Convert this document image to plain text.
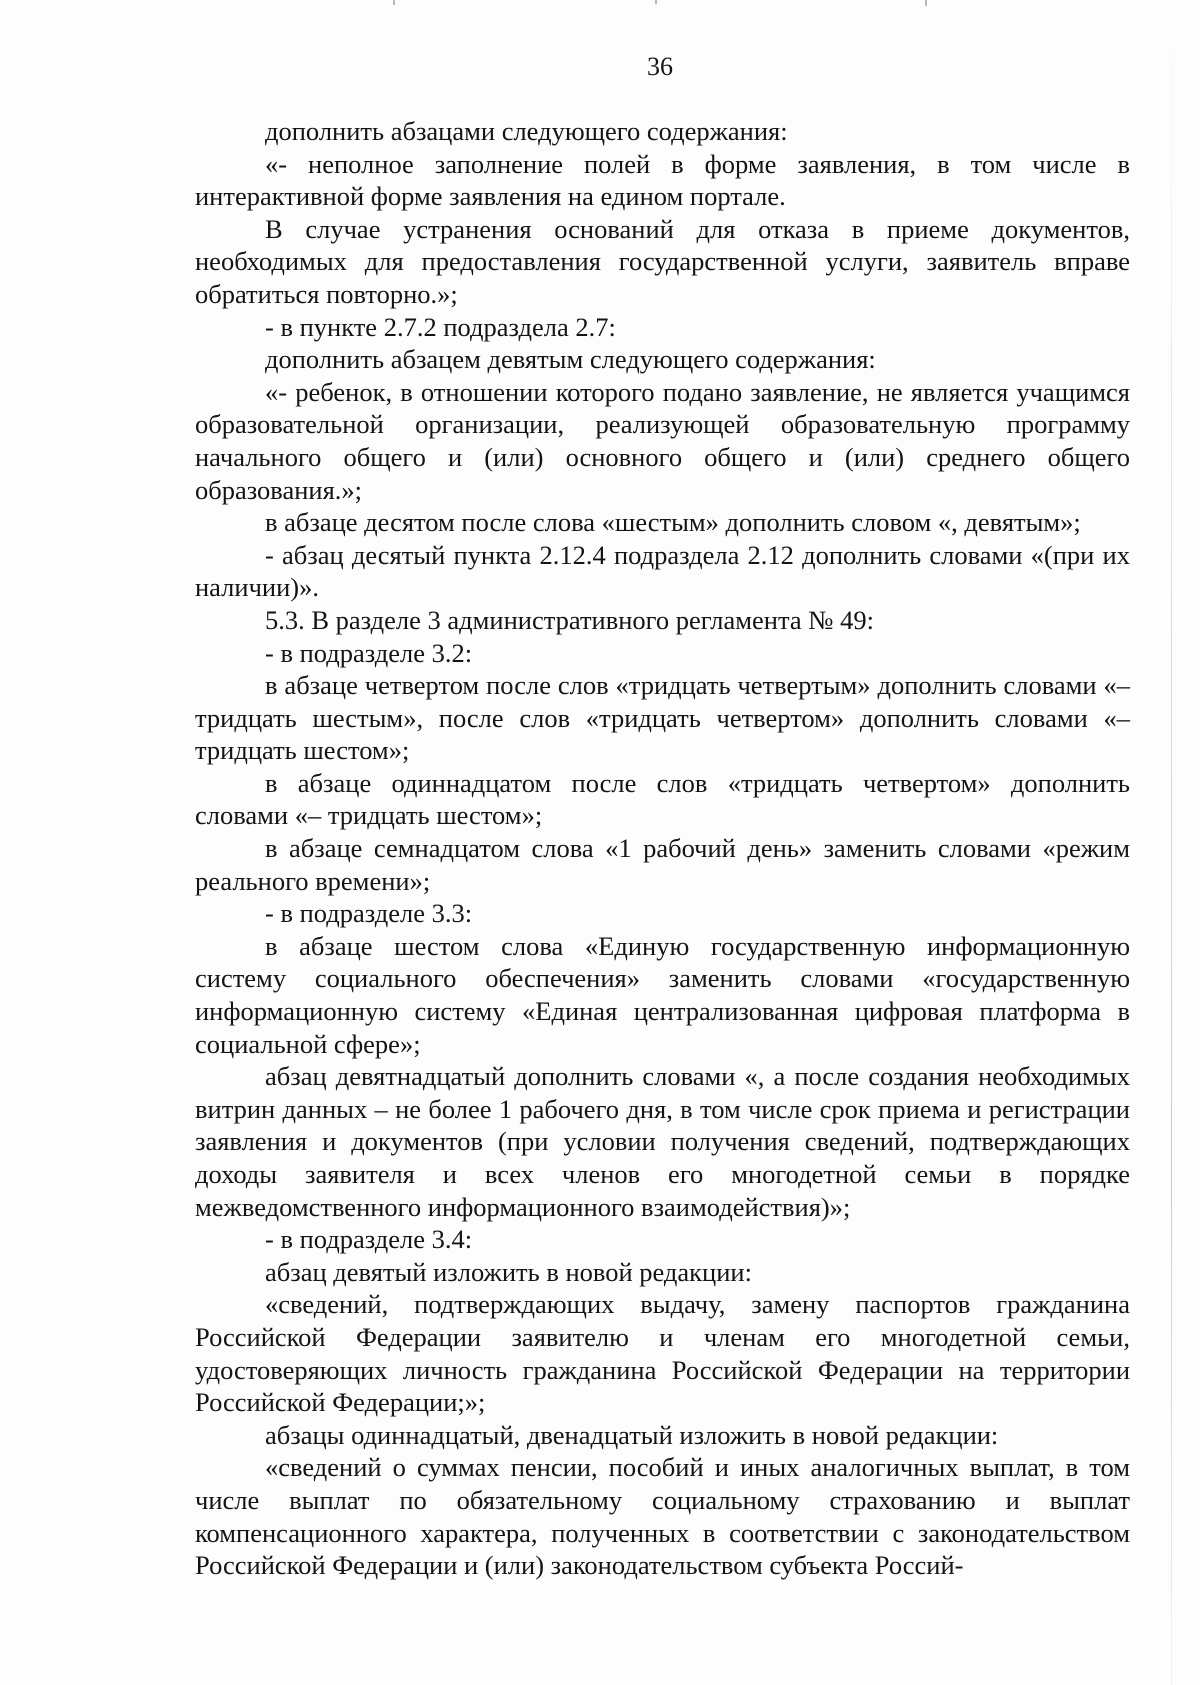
36

дополнить абзацами следующего содержания:

«- неполное заполнение полей в форме заявления, в том числе в интерактивной форме заявления на едином портале.

В случае устранения оснований для отказа в приеме документов, необходимых для предоставления государственной услуги, заявитель вправе обратиться повторно.»;

- в пункте 2.7.2 подраздела 2.7:

дополнить абзацем девятым следующего содержания:

«- ребенок, в отношении которого подано заявление, не является учащимся образовательной организации, реализующей образовательную программу начального общего и (или) основного общего и (или) среднего общего образования.»;

в абзаце десятом после слова «шестым» дополнить словом «, девятым»;

- абзац десятый пункта 2.12.4 подраздела 2.12 дополнить словами «(при их наличии)».

5.3. В разделе 3 административного регламента № 49:

- в подразделе 3.2:

в абзаце четвертом после слов «тридцать четвертым» дополнить словами «– тридцать шестым», после слов «тридцать четвертом» дополнить словами «– тридцать шестом»;

в абзаце одиннадцатом после слов «тридцать четвертом» дополнить словами «– тридцать шестом»;

в абзаце семнадцатом слова «1 рабочий день» заменить словами «режим реального времени»;

- в подразделе 3.3:

в абзаце шестом слова «Единую государственную информационную систему социального обеспечения» заменить словами «государственную информационную систему «Единая централизованная цифровая платформа в социальной сфере»;

абзац девятнадцатый дополнить словами «, а после создания необходимых витрин данных – не более 1 рабочего дня, в том числе срок приема и регистрации заявления и документов (при условии получения сведений, подтверждающих доходы заявителя и всех членов его многодетной семьи в порядке межведомственного информационного взаимодействия)»;

- в подразделе 3.4:

абзац девятый изложить в новой редакции:

«сведений, подтверждающих выдачу, замену паспортов гражданина Российской Федерации заявителю и членам его многодетной семьи, удостоверяющих личность гражданина Российской Федерации на территории Российской Федерации;»;

абзацы одиннадцатый, двенадцатый изложить в новой редакции:

«сведений о суммах пенсии, пособий и иных аналогичных выплат, в том числе выплат по обязательному социальному страхованию и выплат компенсационного характера, полученных в соответствии с законодательством Российской Федерации и (или) законодательством субъекта Россий-
